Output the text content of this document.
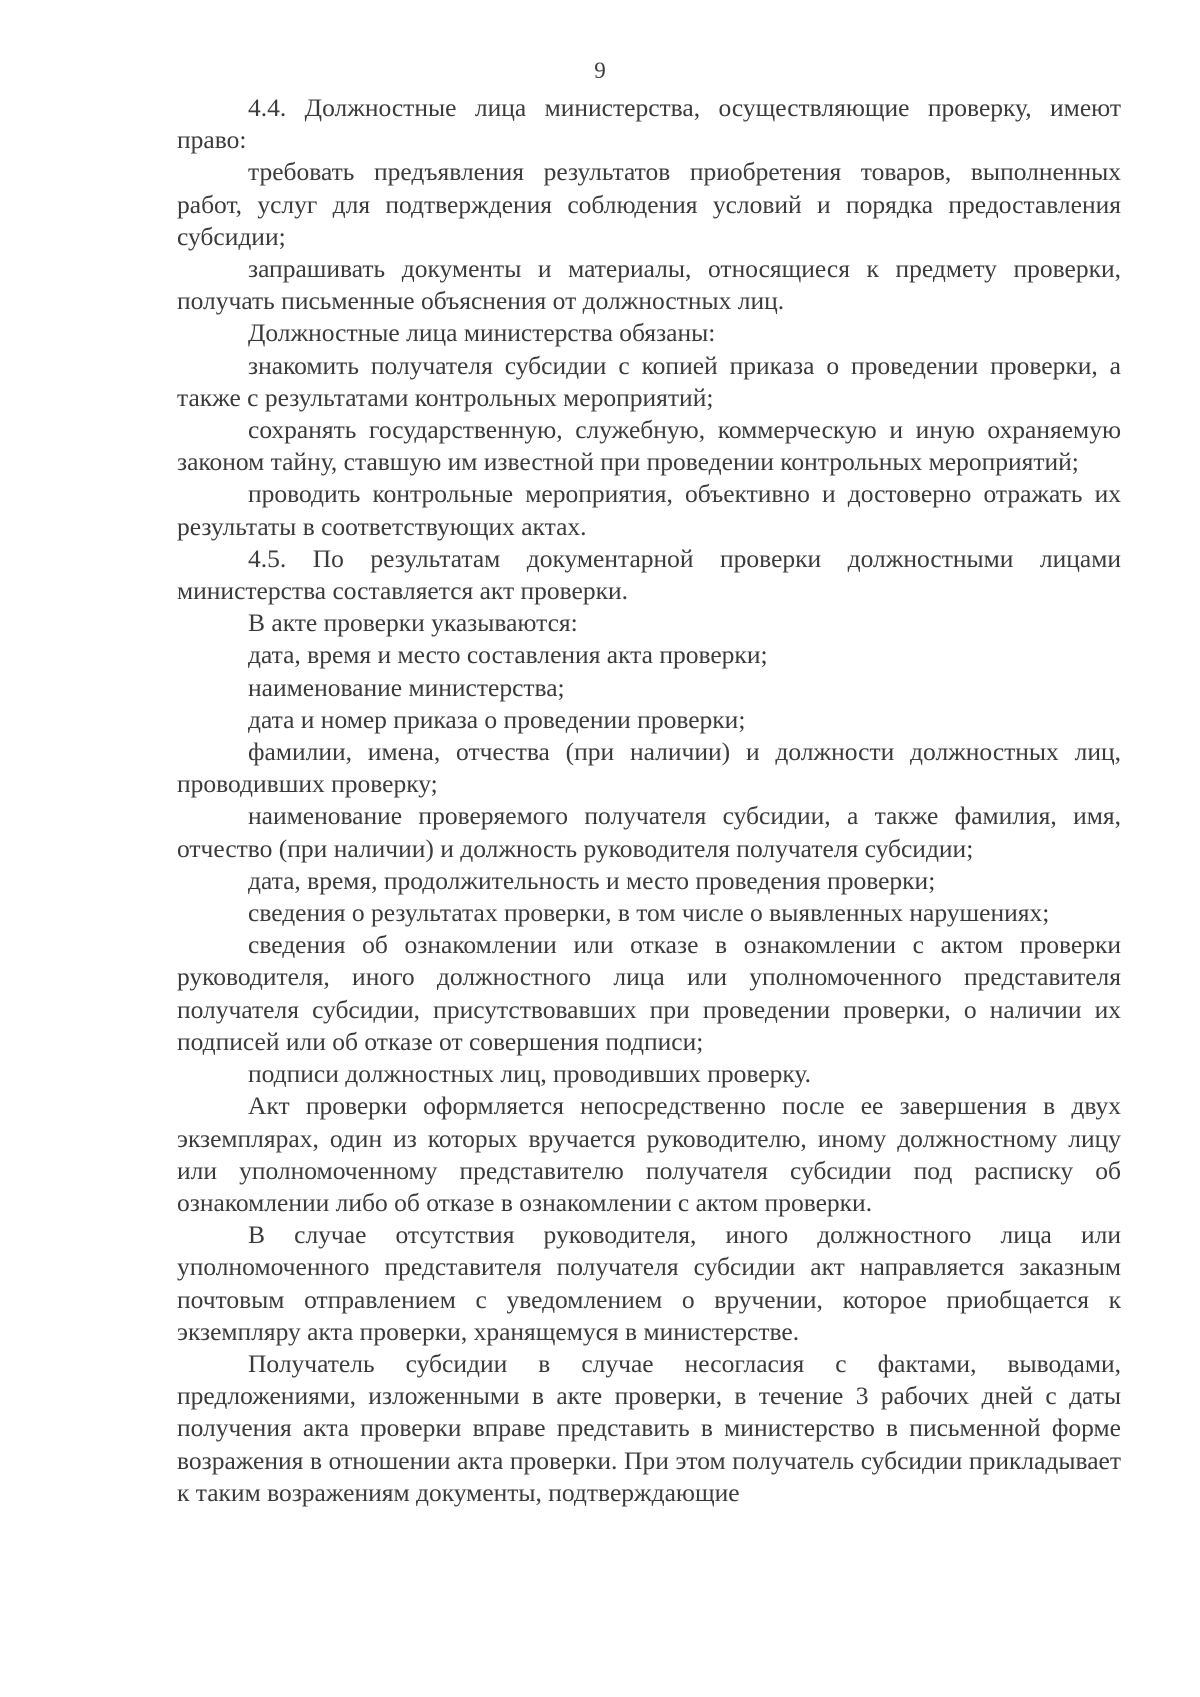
9

4.4. Должностные лица министерства, осуществляющие проверку, имеют право:

требовать предъявления результатов приобретения товаров, выполненных работ, услуг для подтверждения соблюдения условий и порядка предоставления субсидии;

запрашивать документы и материалы, относящиеся к предмету проверки, получать письменные объяснения от должностных лиц.

Должностные лица министерства обязаны:

знакомить получателя субсидии с копией приказа о проведении проверки, а также с результатами контрольных мероприятий;

сохранять государственную, служебную, коммерческую и иную охраняемую законом тайну, ставшую им известной при проведении контрольных мероприятий;

проводить контрольные мероприятия, объективно и достоверно отражать их результаты в соответствующих актах.

4.5. По результатам документарной проверки должностными лицами министерства составляется акт проверки.

В акте проверки указываются:

дата, время и место составления акта проверки;

наименование министерства;

дата и номер приказа о проведении проверки;

фамилии, имена, отчества (при наличии) и должности должностных лиц, проводивших проверку;

наименование проверяемого получателя субсидии, а также фамилия, имя, отчество (при наличии) и должность руководителя получателя субсидии;

дата, время, продолжительность и место проведения проверки;

сведения о результатах проверки, в том числе о выявленных нарушениях;

сведения об ознакомлении или отказе в ознакомлении с актом проверки руководителя, иного должностного лица или уполномоченного представителя получателя субсидии, присутствовавших при проведении проверки, о наличии их подписей или об отказе от совершения подписи;

подписи должностных лиц, проводивших проверку.

Акт проверки оформляется непосредственно после ее завершения в двух экземплярах, один из которых вручается руководителю, иному должностному лицу или уполномоченному представителю получателя субсидии под расписку об ознакомлении либо об отказе в ознакомлении с актом проверки.

В случае отсутствия руководителя, иного должностного лица или уполномоченного представителя получателя субсидии акт направляется заказным почтовым отправлением с уведомлением о вручении, которое приобщается к экземпляру акта проверки, хранящемуся в министерстве.

Получатель субсидии в случае несогласия с фактами, выводами, предложениями, изложенными в акте проверки, в течение 3 рабочих дней с даты получения акта проверки вправе представить в министерство в письменной форме возражения в отношении акта проверки. При этом получатель субсидии прикладывает к таким возражениям документы, подтверждающие
